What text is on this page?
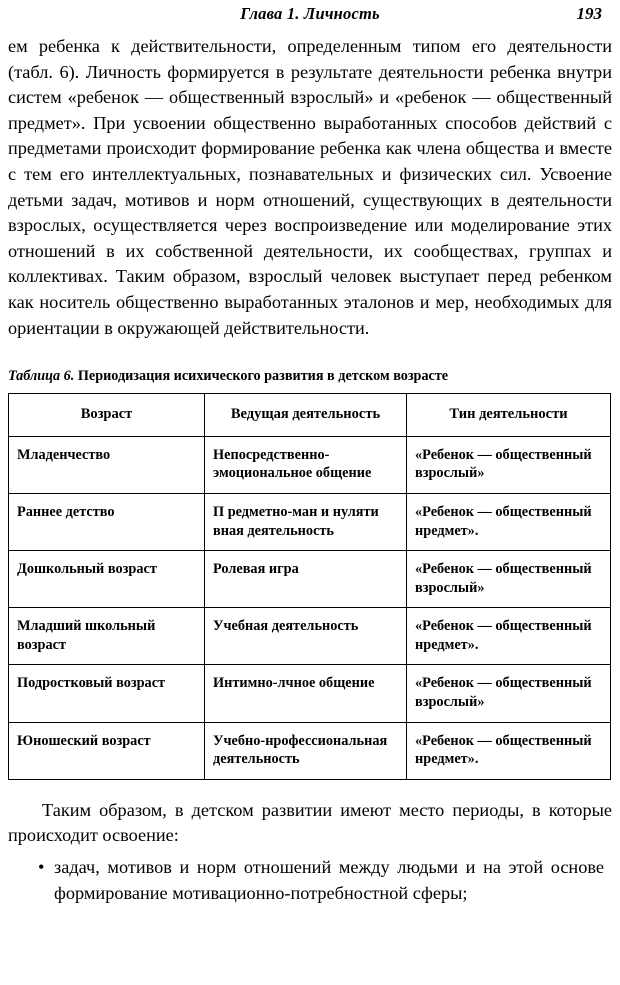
Глава 1. Личность	193

ем ребенка к действительности, определенным типом его деятельности (табл. 6). Личность формируется в результате деятельности ребенка внутри систем «ребенок — общественный взрослый» и «ребенок — общественный предмет». При усвоении общественно выработанных способов действий с предметами происходит формирование ребенка как члена общества и вместе с тем его интеллектуальных, познавательных и физических сил. Усвоение детьми задач, мотивов и норм отношений, существующих в деятельности взрослых, осуществляется через воспроизведение или моделирование этих отношений в их собственной деятельности, их сообществах, группах и коллективах. Таким образом, взрослый человек выступает перед ребенком как носитель общественно выработанных эталонов и мер, необходимых для ориентации в окружающей действительности.

Таблица 6. Периодизация исихического развития в детском возрасте
Возраст	Ведущая деятельность	Тин деятельности
Младенчество	Непосредственно-эмоциональное общение	«Ребенок — общественный взрослый»
Раннее детство	П редметно-ман и нуляти вная деятельность	«Ребенок — общественный нредмет».
Дошкольный возраст	Ролевая игра	«Ребенок — общественный взрослый»
Младший школьный возраст	Учебная деятельность	«Ребенок — общественный нредмет».
Подростковый возраст	Интимно-лчное общение	«Ребенок — общественный взрослый»
Юношеский возраст	Учебно-нрофессиональная деятельность	«Ребенок — общественный нредмет».

Таким образом, в детском развитии имеют место периоды, в которые происходит освоение:

• задач, мотивов и норм отношений между людьми и на этой основе формирование мотивационно-потребностной сферы;
